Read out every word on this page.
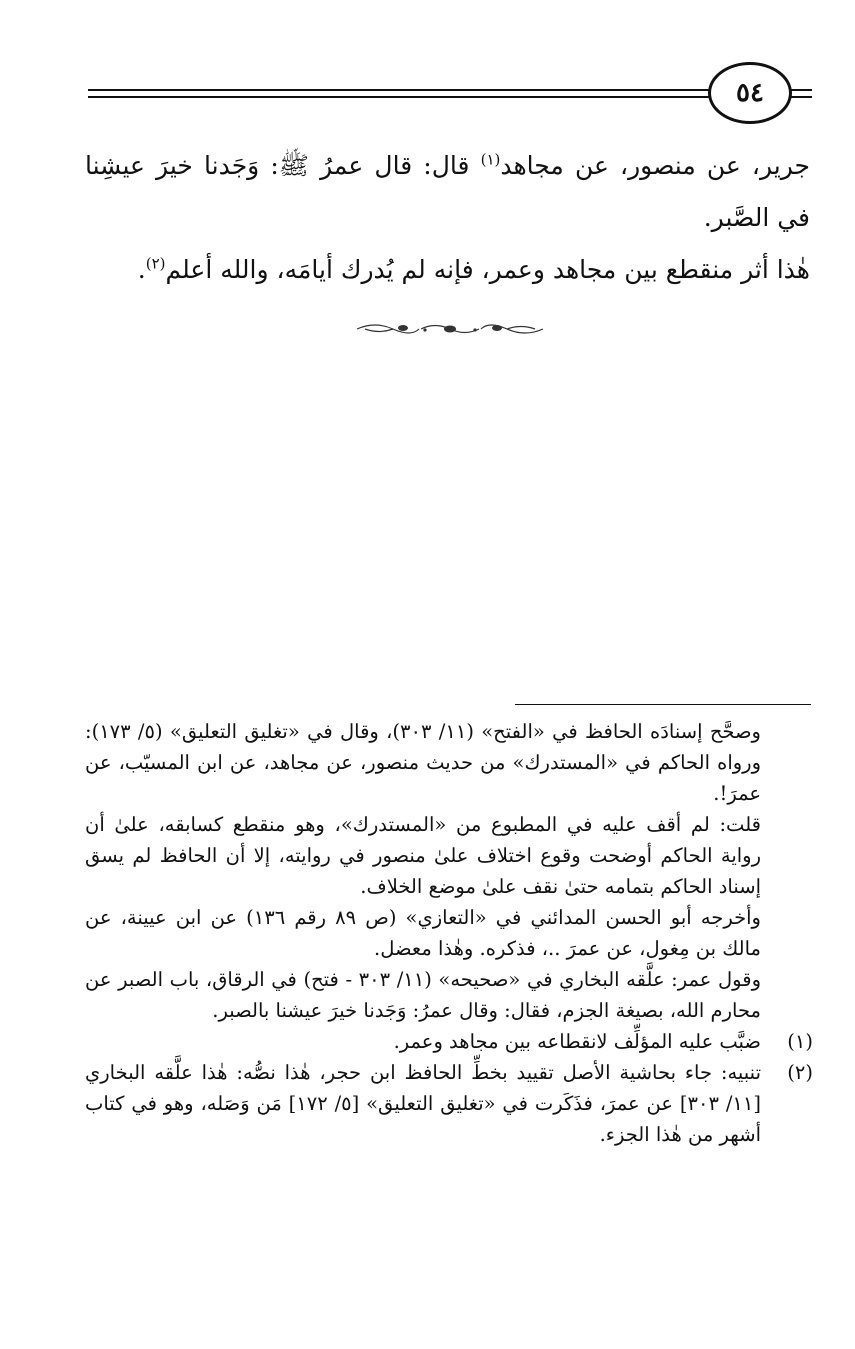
٥٤

جرير، عن منصور، عن مجاهد$^{(١)}$ قال: قال عمرُ ﷺ: وَجَدنا خيرَ عيشِنا في الصَّبر.

هٰذا أثر منقطع بين مجاهد وعمر، فإنه لم يُدرك أيامَه، والله أعلم$^{(٢)}$.

وصحَّح إسنادَه الحافظ في «الفتح» (١١/ ٣٠٣)، وقال في «تغليق التعليق» (٥/ ١٧٣): ورواه الحاكم في «المستدرك» من حديث منصور، عن مجاهد، عن ابن المسيّب، عن عمرَ!.

قلت: لم أقف عليه في المطبوع من «المستدرك»، وهو منقطع كسابقه، علىٰ أن رواية الحاكم أوضحت وقوع اختلاف علىٰ منصور في روايته، إلا أن الحافظ لم يسق إسناد الحاكم بتمامه حتىٰ نقف علىٰ موضع الخلاف.

وأخرجه أبو الحسن المدائني في «التعازي» (ص ٨٩ رقم ١٣٦) عن ابن عيينة، عن مالك بن مِغول، عن عمرَ ..، فذكره. وهٰذا معضل.

وقول عمر: علَّقه البخاري في «صحيحه» (١١/ ٣٠٣ - فتح) في الرقاق، باب الصبر عن محارم الله، بصيغة الجزم، فقال: وقال عمرُ: وَجَدنا خيرَ عيشنا بالصبر.

(١)
ضبَّب عليه المؤلِّف لانقطاعه بين مجاهد وعمر.
(٢)
تنبيه: جاء بحاشية الأصل تقييد بخطِّ الحافظ ابن حجر، هٰذا نصُّه: هٰذا علَّقه البخاري [١١/ ٣٠٣] عن عمرَ، فذَكَرت في «تغليق التعليق» [٥/ ١٧٢] مَن وَصَله، وهو في كتاب أشهر من هٰذا الجزء.
